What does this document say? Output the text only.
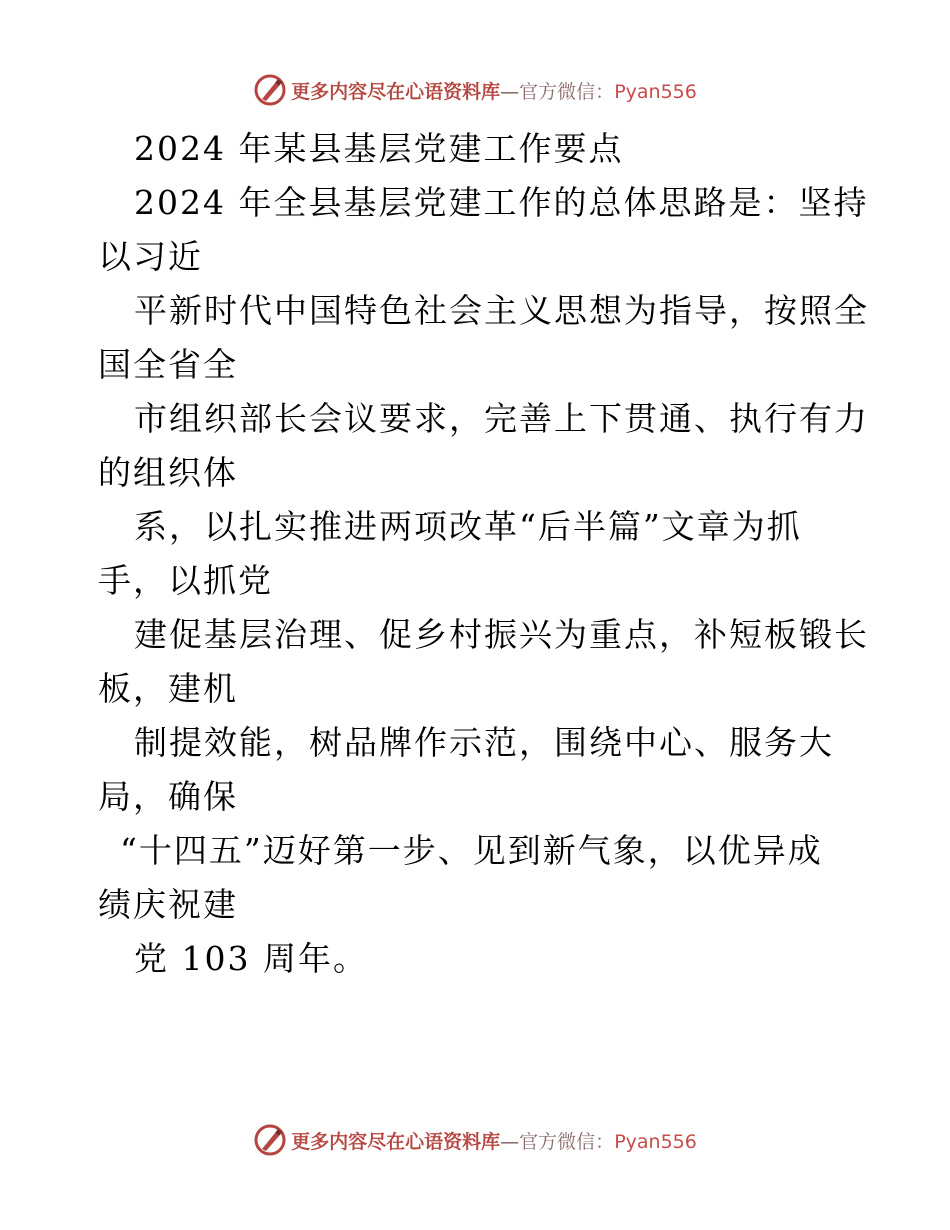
更多内容尽在心语资料库—官方微信：Pyan556
2024 年某县基层党建工作要点
2024 年全县基层党建工作的总体思路是：坚持
以习近
平新时代中国特色社会主义思想为指导，按照全
国全省全
市组织部长会议要求，完善上下贯通、执行有力
的组织体
系，以扎实推进两项改革“后半篇”文章为抓
手，以抓党
建促基层治理、促乡村振兴为重点，补短板锻长
板，建机
制提效能，树品牌作示范，围绕中心、服务大
局，确保
“十四五”迈好第一步、见到新气象，以优异成
绩庆祝建
党 103 周年。
更多内容尽在心语资料库—官方微信：Pyan556
